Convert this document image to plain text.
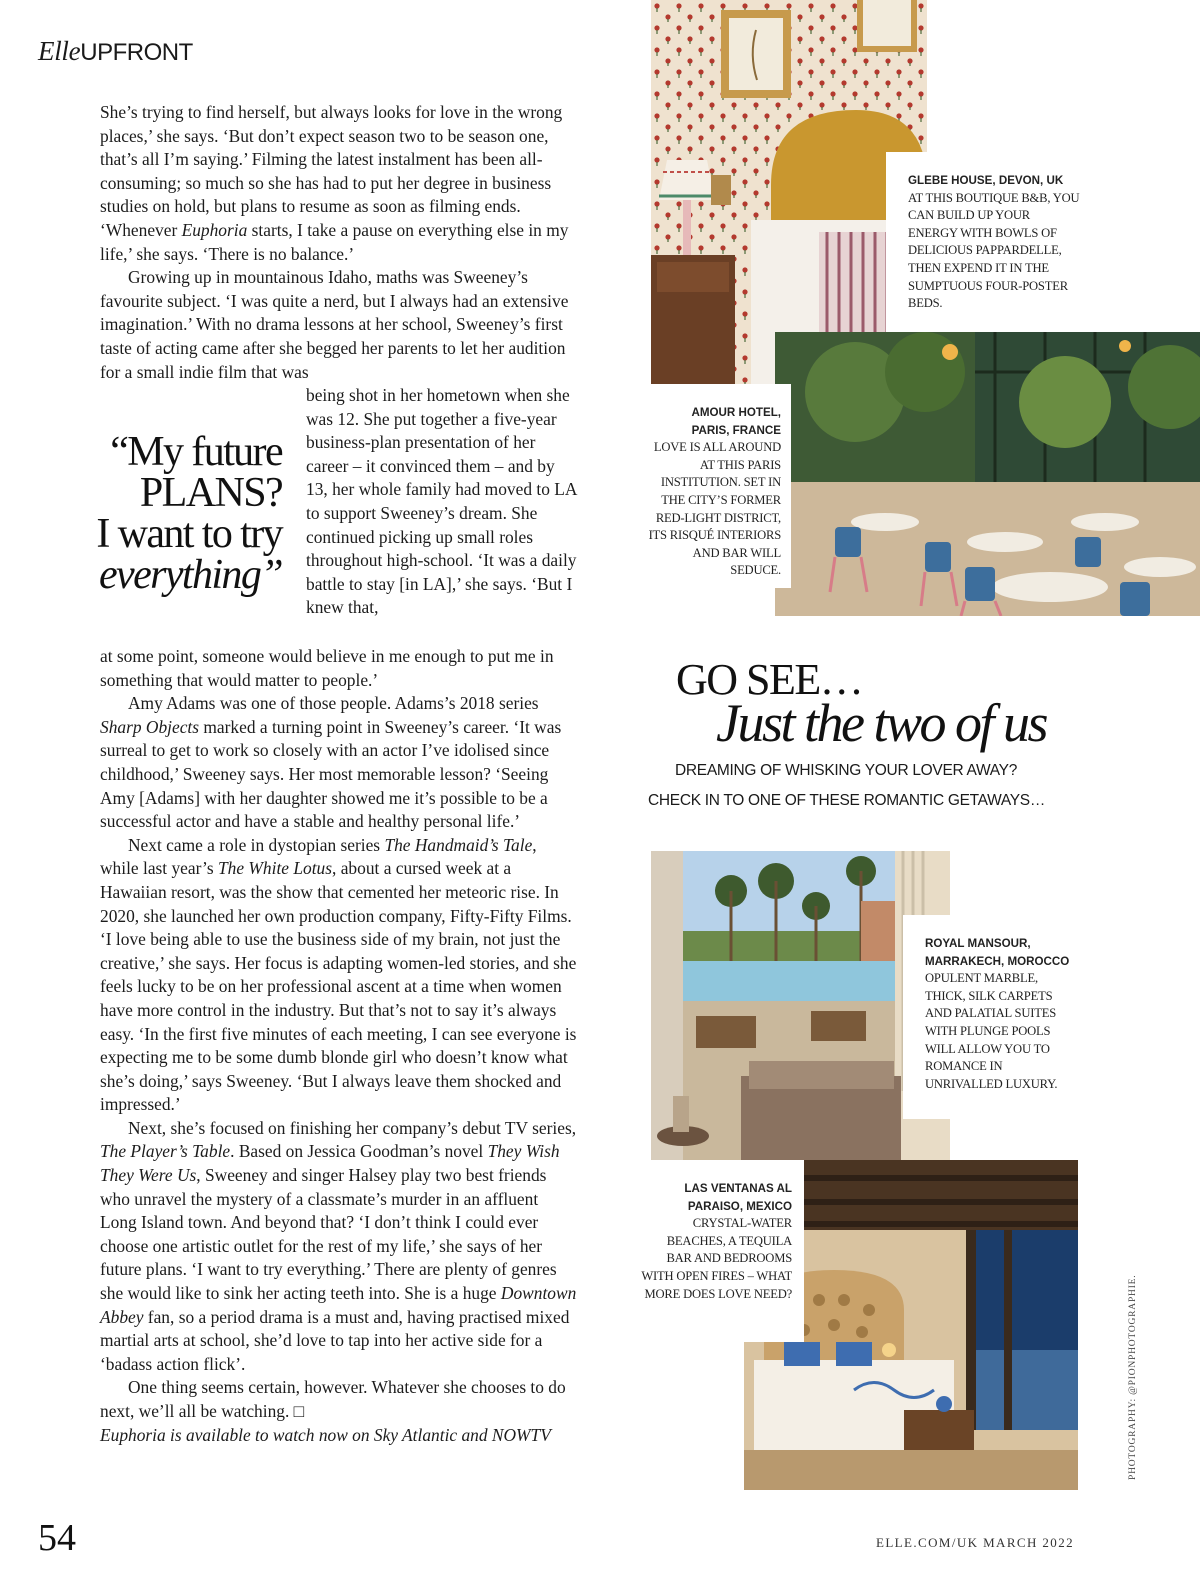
ElleUPFRONT

She’s trying to find herself, but always looks for love in the wrong places,’ she says. ‘But don’t expect season two to be season one, that’s all I’m saying.’ Filming the latest instalment has been all-consuming; so much so she has had to put her degree in business studies on hold, but plans to resume as soon as filming ends. ‘Whenever Euphoria starts, I take a pause on everything else in my life,’ she says. ‘There is no balance.’

Growing up in mountainous Idaho, maths was Sweeney’s favourite subject. ‘I was quite a nerd, but I always had an extensive imagination.’ With no drama lessons at her school, Sweeney’s first taste of acting came after she begged her parents to let her audition for a small indie film that was

“My future
PLANS?
I want to try
everything”

being shot in her hometown when she was 12. She put together a five-year business-plan presentation of her career – it convinced them – and by 13, her whole family had moved to LA to support Sweeney’s dream. She continued picking up small roles throughout high-school. ‘It was a daily battle to stay [in LA],’ she says. ‘But I knew that,

at some point, someone would believe in me enough to put me in something that would matter to people.’

Amy Adams was one of those people. Adams’s 2018 series Sharp Objects marked a turning point in Sweeney’s career. ‘It was surreal to get to work so closely with an actor I’ve idolised since childhood,’ Sweeney says. Her most memorable lesson? ‘Seeing Amy [Adams] with her daughter showed me it’s possible to be a successful actor and have a stable and healthy personal life.’

Next came a role in dystopian series The Handmaid’s Tale, while last year’s The White Lotus, about a cursed week at a Hawaiian resort, was the show that cemented her meteoric rise. In 2020, she launched her own production company, Fifty-Fifty Films. ‘I love being able to use the business side of my brain, not just the creative,’ she says. Her focus is adapting women-led stories, and she feels lucky to be on her professional ascent at a time when women have more control in the industry. But that’s not to say it’s always easy. ‘In the first five minutes of each meeting, I can see everyone is expecting me to be some dumb blonde girl who doesn’t know what she’s doing,’ says Sweeney. ‘But I always leave them shocked and impressed.’

Next, she’s focused on finishing her company’s debut TV series, The Player’s Table. Based on Jessica Goodman’s novel They Wish They Were Us, Sweeney and singer Halsey play two best friends who unravel the mystery of a classmate’s murder in an affluent Long Island town. And beyond that? ‘I don’t think I could ever choose one artistic outlet for the rest of my life,’ she says of her future plans. ‘I want to try everything.’ There are plenty of genres she would like to sink her acting teeth into. She is a huge Downtown Abbey fan, so a period drama is a must and, having practised mixed martial arts at school, she’d love to tap into her active side for a ‘badass action flick’.

One thing seems certain, however. Whatever she chooses to do next, we’ll all be watching. □

Euphoria is available to watch now on Sky Atlantic and NOWTV

GLEBE HOUSE, DEVON, UK
AT THIS BOUTIQUE B&B, YOU CAN BUILD UP YOUR ENERGY WITH BOWLS OF DELICIOUS PAPPARDELLE, THEN EXPEND IT IN THE SUMPTUOUS FOUR-POSTER BEDS.
AMOUR HOTEL,
PARIS, FRANCE
LOVE IS ALL AROUND AT THIS PARIS INSTITUTION. SET IN THE CITY’S FORMER RED-LIGHT DISTRICT, ITS RISQUÉ INTERIORS AND BAR WILL SEDUCE.
GO SEE…
Just the two of us
DREAMING OF WHISKING YOUR LOVER AWAY?
CHECK IN TO ONE OF THESE ROMANTIC GETAWAYS…
ROYAL MANSOUR,
MARRAKECH, MOROCCO
OPULENT MARBLE, THICK, SILK CARPETS AND PALATIAL SUITES WITH PLUNGE POOLS WILL ALLOW YOU TO ROMANCE IN UNRIVALLED LUXURY.
LAS VENTANAS AL
PARAISO, MEXICO
CRYSTAL-WATER BEACHES, A TEQUILA BAR AND BEDROOMS WITH OPEN FIRES – WHAT MORE DOES LOVE NEED?	PHOTOGRAPHY: @PIONPHOTOGRAPHIE.
54	ELLE.COM/UK MARCH 2022
